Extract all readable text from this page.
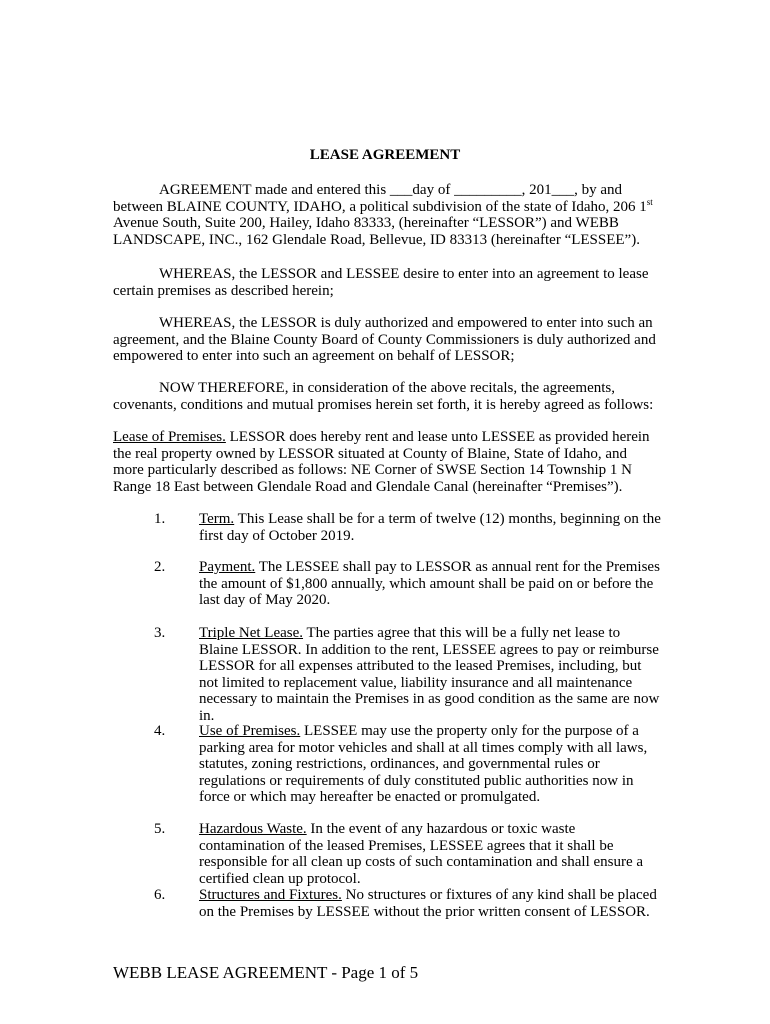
LEASE AGREEMENT
AGREEMENT made and entered this ___day of _________, 201___, by and between BLAINE COUNTY, IDAHO, a political subdivision of the state of Idaho, 206 1st Avenue South, Suite 200, Hailey, Idaho 83333, (hereinafter “LESSOR”) and WEBB LANDSCAPE, INC., 162 Glendale Road, Bellevue, ID 83313 (hereinafter “LESSEE”).
WHEREAS, the LESSOR and LESSEE desire to enter into an agreement to lease certain premises as described herein;
WHEREAS, the LESSOR is duly authorized and empowered to enter into such an agreement, and the Blaine County Board of County Commissioners is duly authorized and empowered to enter into such an agreement on behalf of LESSOR;
NOW THEREFORE, in consideration of the above recitals, the agreements, covenants, conditions and mutual promises herein set forth, it is hereby agreed as follows:
Lease of Premises. LESSOR does hereby rent and lease unto LESSEE as provided herein the real property owned by LESSOR situated at County of Blaine, State of Idaho, and more particularly described as follows: NE Corner of SWSE Section 14 Township 1 N Range 18 East between Glendale Road and Glendale Canal (hereinafter “Premises”).
1. Term. This Lease shall be for a term of twelve (12) months, beginning on the first day of October 2019.
2. Payment. The LESSEE shall pay to LESSOR as annual rent for the Premises the amount of $1,800 annually, which amount shall be paid on or before the last day of May 2020.
3. Triple Net Lease. The parties agree that this will be a fully net lease to Blaine LESSOR. In addition to the rent, LESSEE agrees to pay or reimburse LESSOR for all expenses attributed to the leased Premises, including, but not limited to replacement value, liability insurance and all maintenance necessary to maintain the Premises in as good condition as the same are now in.
4. Use of Premises. LESSEE may use the property only for the purpose of a parking area for motor vehicles and shall at all times comply with all laws, statutes, zoning restrictions, ordinances, and governmental rules or regulations or requirements of duly constituted public authorities now in force or which may hereafter be enacted or promulgated.
5. Hazardous Waste. In the event of any hazardous or toxic waste contamination of the leased Premises, LESSEE agrees that it shall be responsible for all clean up costs of such contamination and shall ensure a certified clean up protocol.
6. Structures and Fixtures. No structures or fixtures of any kind shall be placed on the Premises by LESSEE without the prior written consent of LESSOR.
WEBB LEASE AGREEMENT - Page 1 of 5
